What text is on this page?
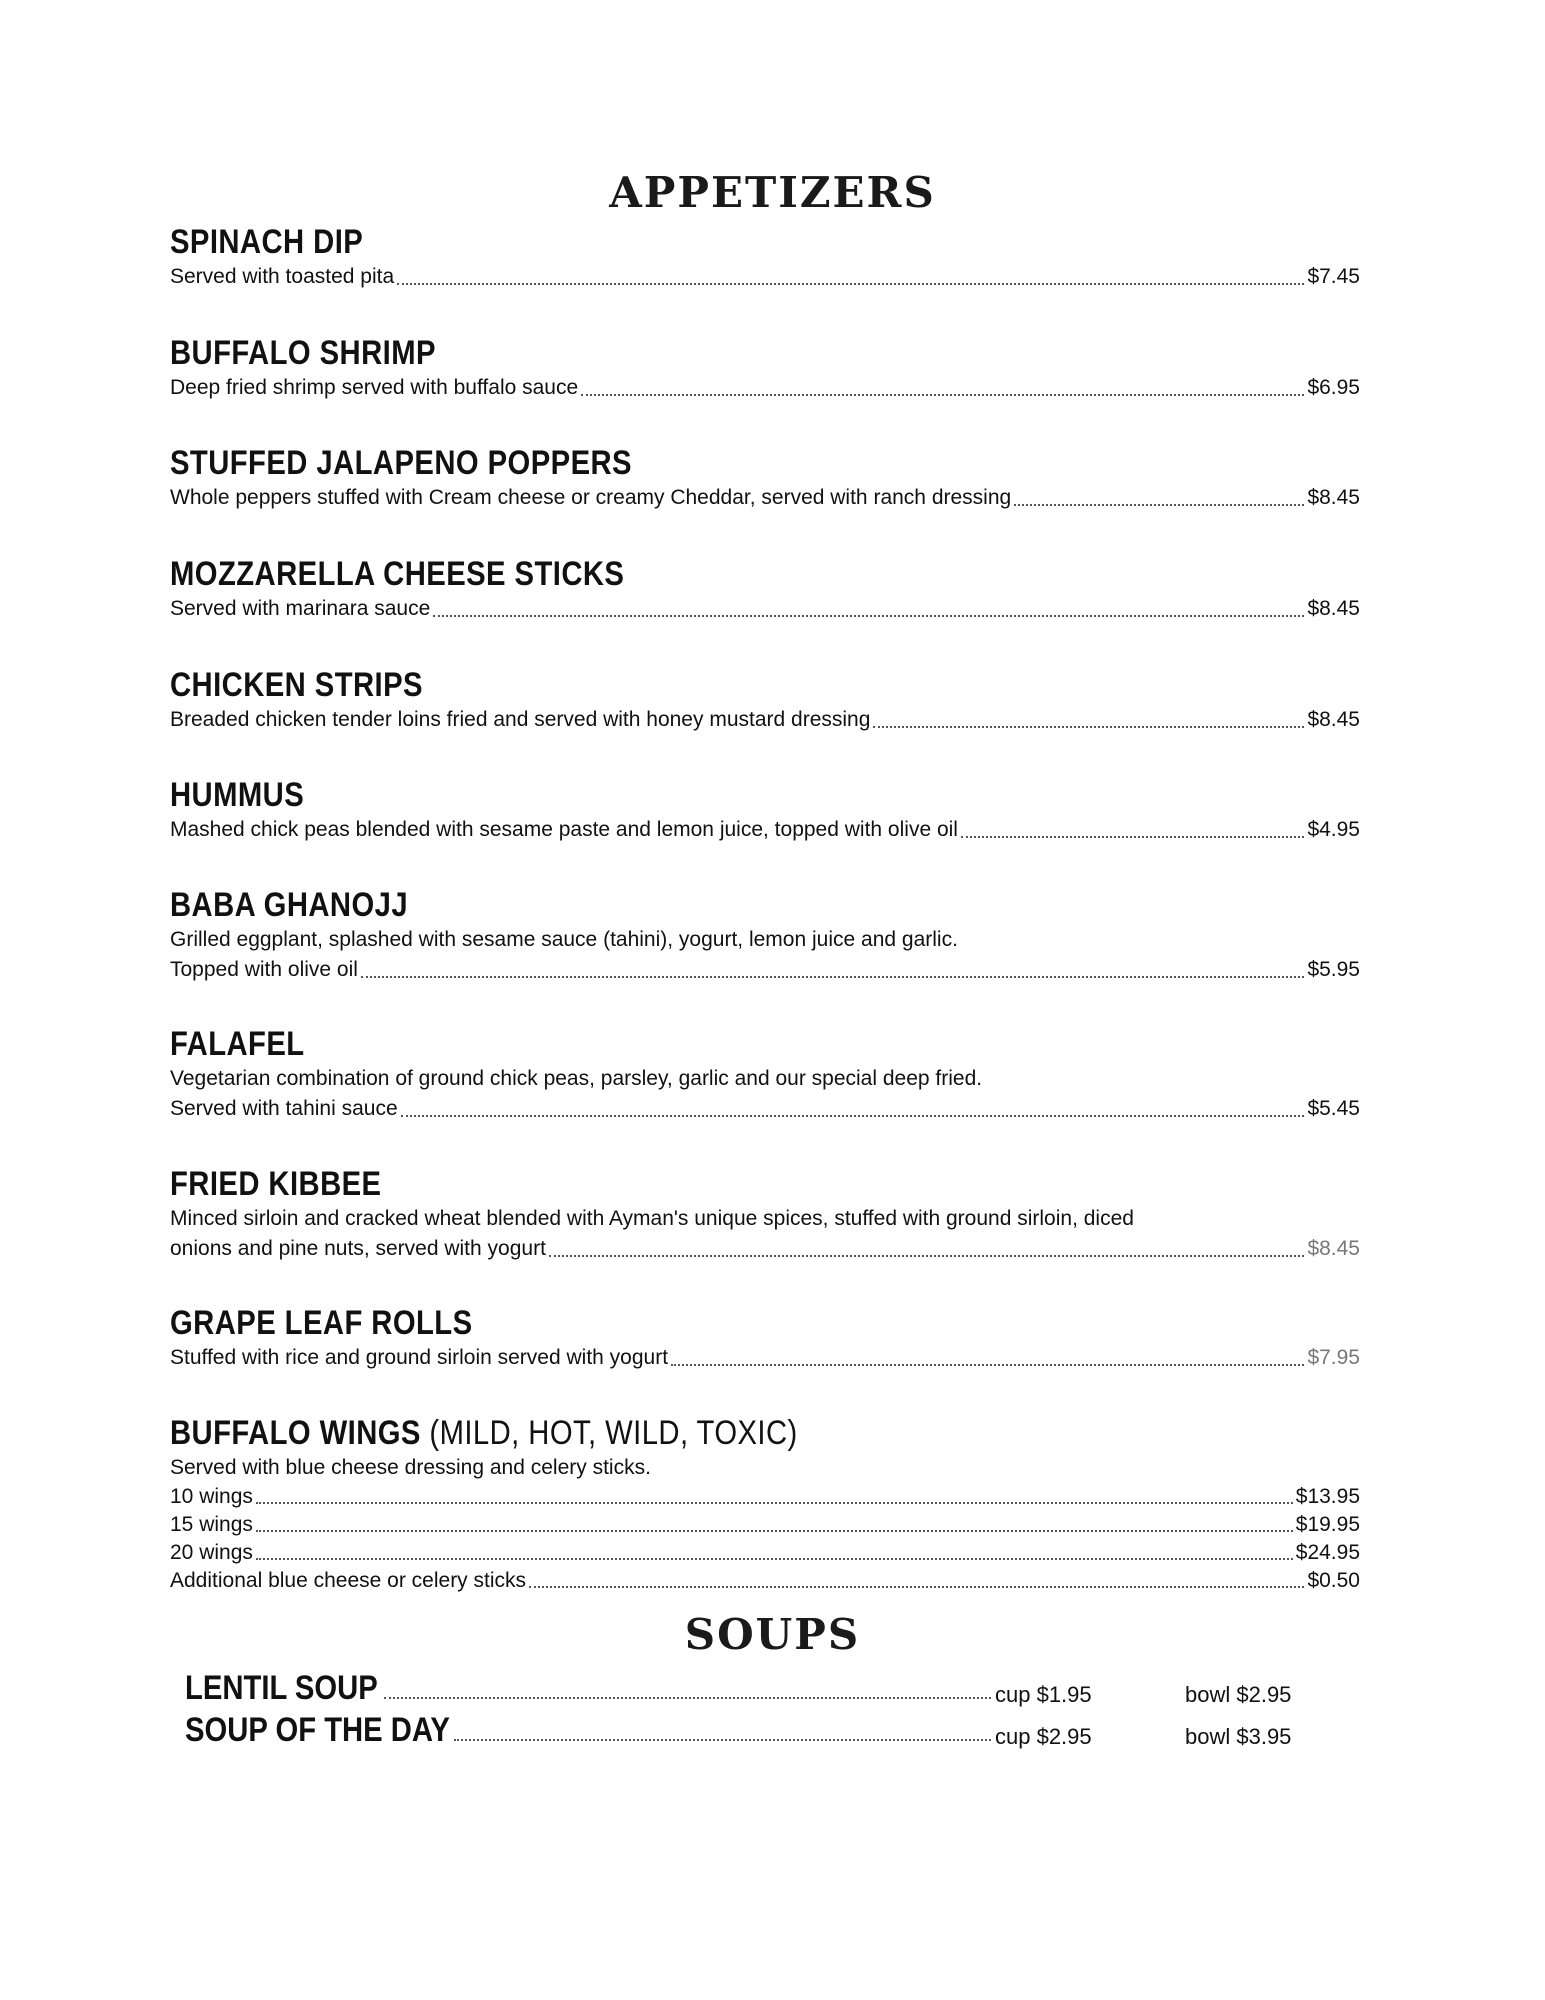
APPETIZERS
SPINACH DIP
Served with toasted pita	$7.45
BUFFALO SHRIMP
Deep fried shrimp served with buffalo sauce	$6.95
STUFFED JALAPENO POPPERS
Whole peppers stuffed with Cream cheese or creamy Cheddar, served with ranch dressing	$8.45
MOZZARELLA CHEESE STICKS
Served with marinara sauce	$8.45
CHICKEN STRIPS
Breaded chicken tender loins fried and served with honey mustard dressing	$8.45
HUMMUS
Mashed chick peas blended with sesame paste and lemon juice, topped with olive oil	$4.95
BABA GHANOJJ
Grilled eggplant, splashed with sesame sauce (tahini), yogurt, lemon juice and garlic.
Topped with olive oil	$5.95
FALAFEL
Vegetarian combination of ground chick peas, parsley, garlic and our special deep fried.
Served with tahini sauce	$5.45
FRIED KIBBEE
Minced sirloin and cracked wheat blended with Ayman's unique spices, stuffed with ground sirloin, diced
onions and pine nuts, served with yogurt	$8.45
GRAPE LEAF ROLLS
Stuffed with rice and ground sirloin served with yogurt	$7.95
BUFFALO WINGS (MILD, HOT, WILD, TOXIC)
Served with blue cheese dressing and celery sticks.
10 wings	$13.95
15 wings	$19.95
20 wings	$24.95
Additional blue cheese or celery sticks	$0.50
SOUPS
LENTIL SOUP	cup $1.95	bowl $2.95
SOUP OF THE DAY	cup $2.95	bowl $3.95
